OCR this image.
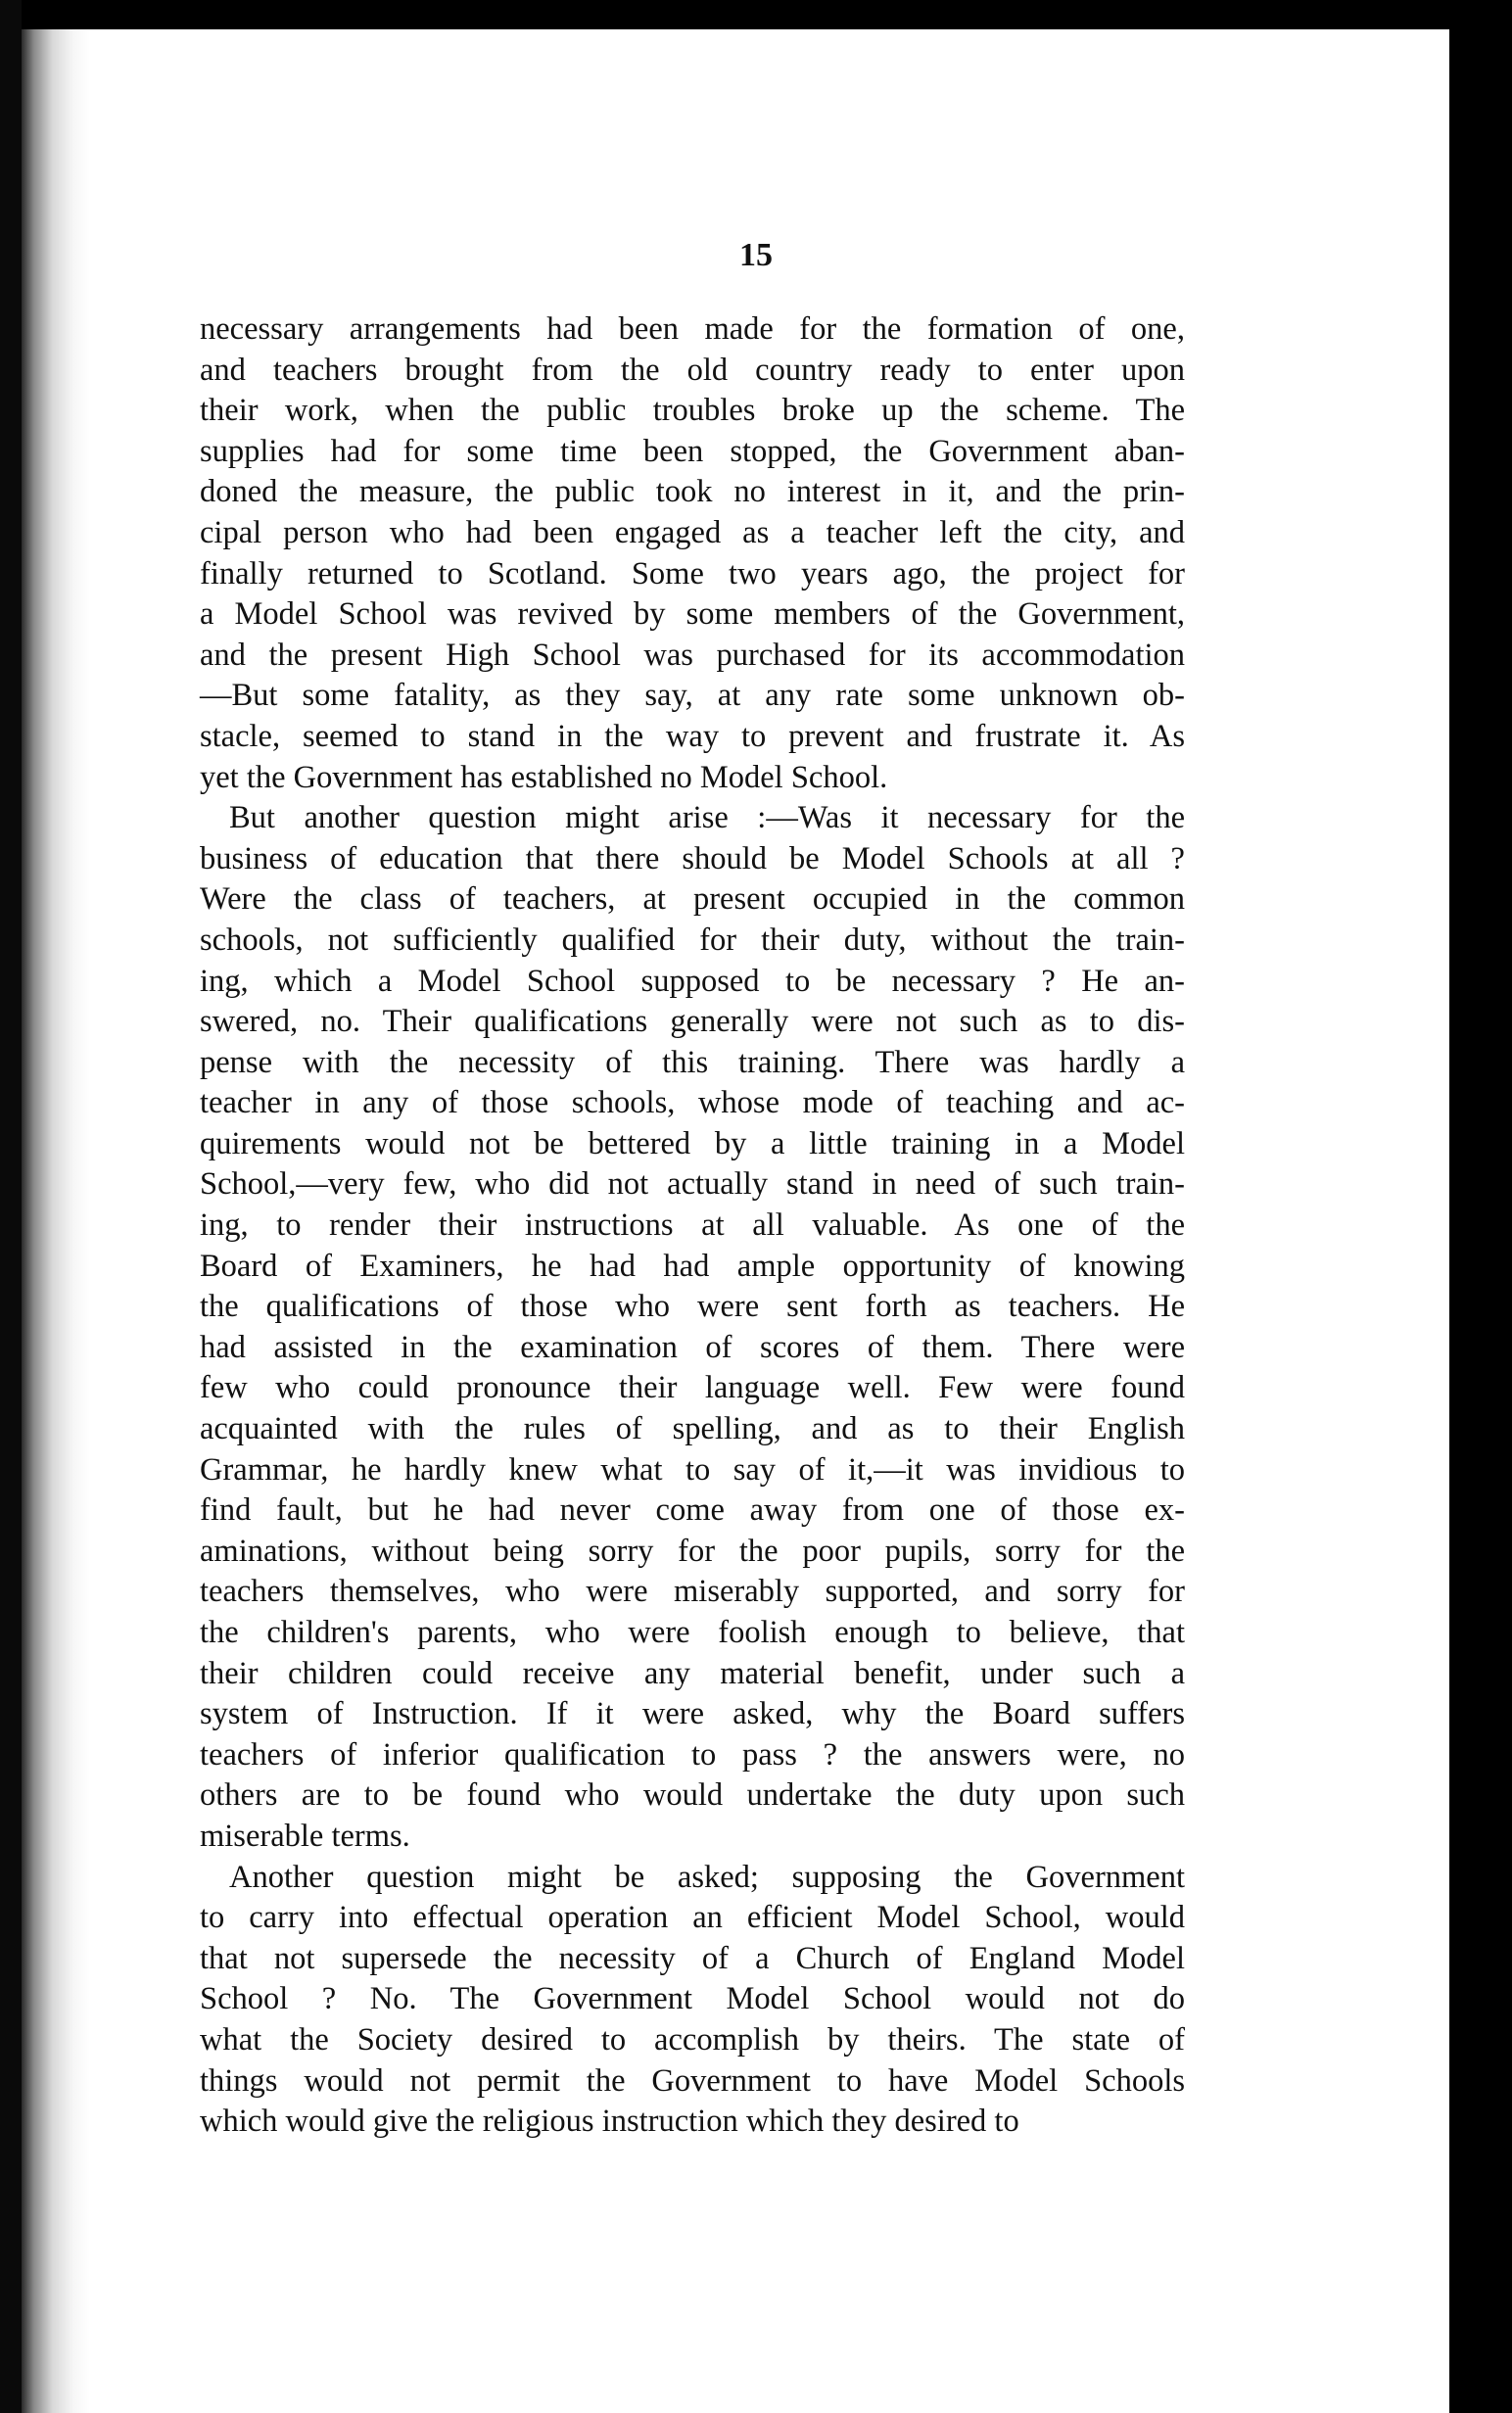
15
necessary arrangements had been made for the formation of one,
and teachers brought from the old country ready to enter upon
their work, when the public troubles broke up the scheme. The
supplies had for some time been stopped, the Government aban-
doned the measure, the public took no interest in it, and the prin-
cipal person who had been engaged as a teacher left the city, and
finally returned to Scotland. Some two years ago, the project for
a Model School was revived by some members of the Government,
and the present High School was purchased for its accommodation
—But some fatality, as they say, at any rate some unknown ob-
stacle, seemed to stand in the way to prevent and frustrate it. As
yet the Government has established no Model School.
But another question might arise :—Was it necessary for the
business of education that there should be Model Schools at all ?
Were the class of teachers, at present occupied in the common
schools, not sufficiently qualified for their duty, without the train-
ing, which a Model School supposed to be necessary ? He an-
swered, no. Their qualifications generally were not such as to dis-
pense with the necessity of this training. There was hardly a
teacher in any of those schools, whose mode of teaching and ac-
quirements would not be bettered by a little training in a Model
School,—very few, who did not actually stand in need of such train-
ing, to render their instructions at all valuable. As one of the
Board of Examiners, he had had ample opportunity of knowing
the qualifications of those who were sent forth as teachers. He
had assisted in the examination of scores of them. There were
few who could pronounce their language well. Few were found
acquainted with the rules of spelling, and as to their English
Grammar, he hardly knew what to say of it,—it was invidious to
find fault, but he had never come away from one of those ex-
aminations, without being sorry for the poor pupils, sorry for the
teachers themselves, who were miserably supported, and sorry for
the children's parents, who were foolish enough to believe, that
their children could receive any material benefit, under such a
system of Instruction. If it were asked, why the Board suffers
teachers of inferior qualification to pass ? the answers were, no
others are to be found who would undertake the duty upon such
miserable terms.
Another question might be asked; supposing the Government
to carry into effectual operation an efficient Model School, would
that not supersede the necessity of a Church of England Model
School ? No. The Government Model School would not do
what the Society desired to accomplish by theirs. The state of
things would not permit the Government to have Model Schools
which would give the religious instruction which they desired to
